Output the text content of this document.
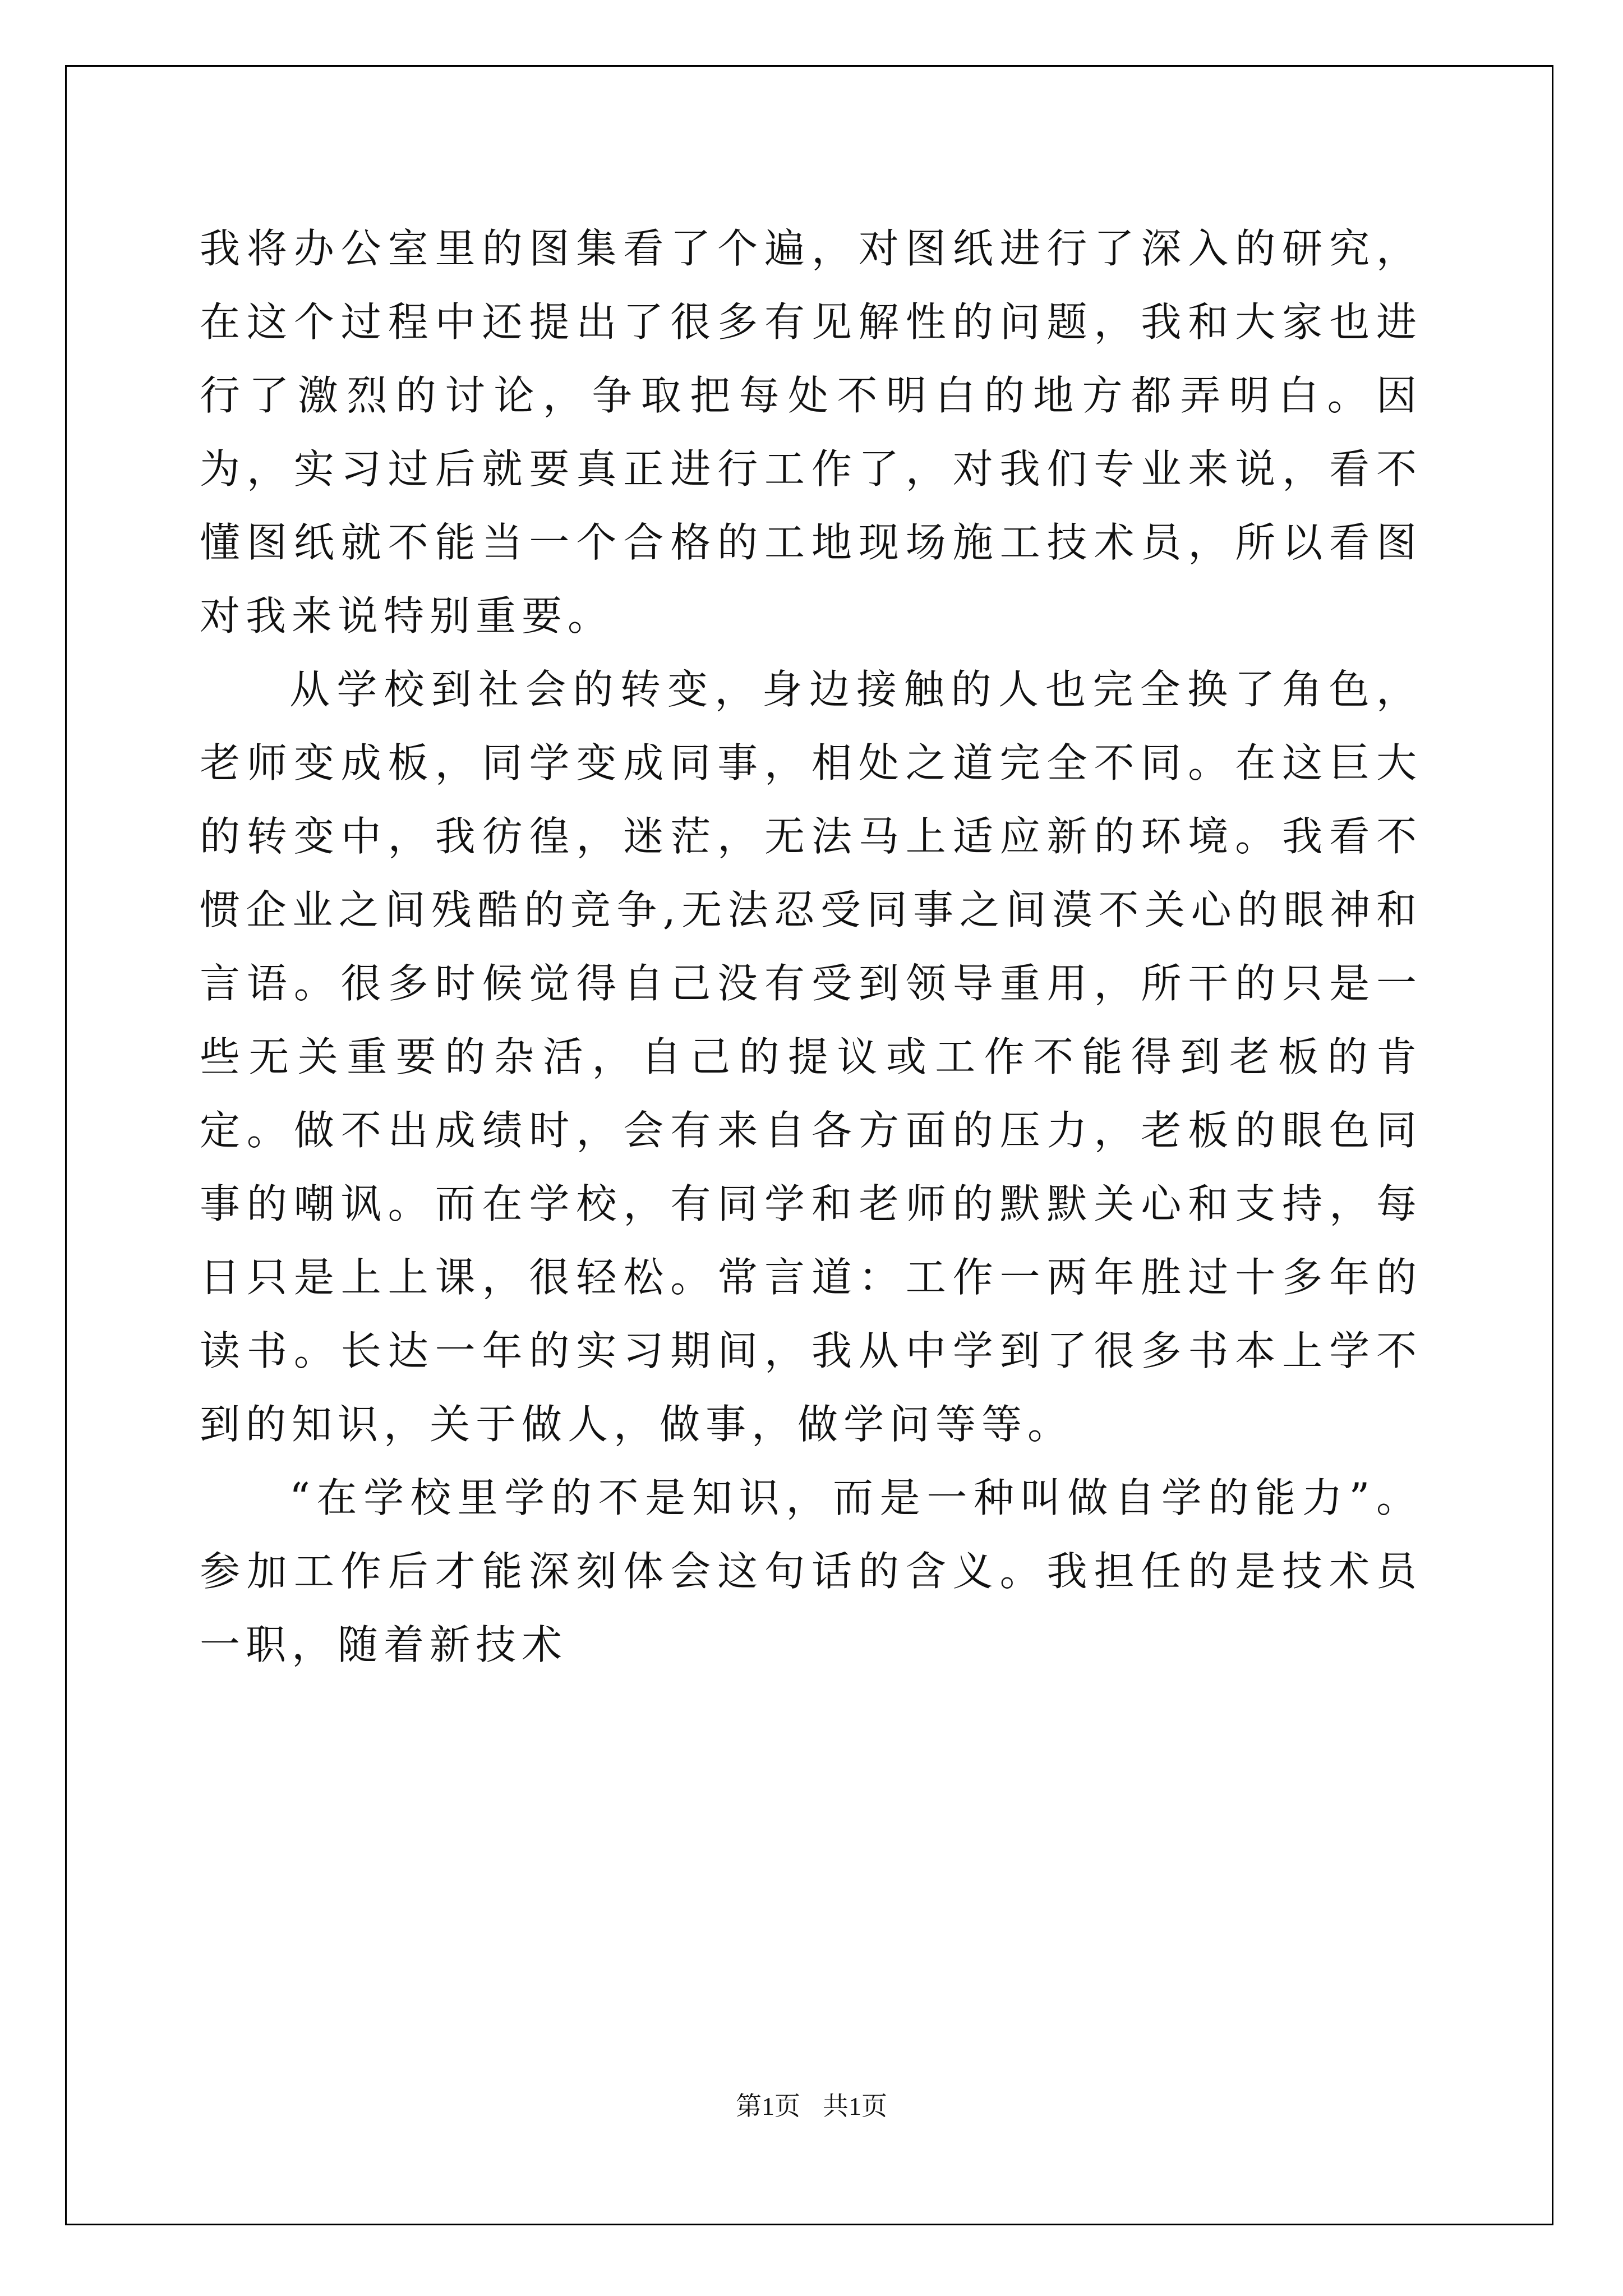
我将办公室里的图集看了个遍，对图纸进行了深入的研究，在这个过程中还提出了很多有见解性的问题，我和大家也进行了激烈的讨论，争取把每处不明白的地方都弄明白。因为，实习过后就要真正进行工作了，对我们专业来说，看不懂图纸就不能当一个合格的工地现场施工技术员，所以看图对我来说特别重要。

从学校到社会的转变，身边接触的人也完全换了角色，老师变成板，同学变成同事，相处之道完全不同。在这巨大的转变中，我彷徨，迷茫，无法马上适应新的环境。我看不惯企业之间残酷的竞争,无法忍受同事之间漠不关心的眼神和言语。很多时候觉得自己没有受到领导重用，所干的只是一些无关重要的杂活，自己的提议或工作不能得到老板的肯定。做不出成绩时，会有来自各方面的压力，老板的眼色同事的嘲讽。而在学校，有同学和老师的默默关心和支持，每日只是上上课，很轻松。常言道：工作一两年胜过十多年的读书。长达一年的实习期间，我从中学到了很多书本上学不到的知识，关于做人，做事，做学问等等。

“在学校里学的不是知识，而是一种叫做自学的能力”。参加工作后才能深刻体会这句话的含义。我担任的是技术员一职，随着新技术

第1页 共1页
